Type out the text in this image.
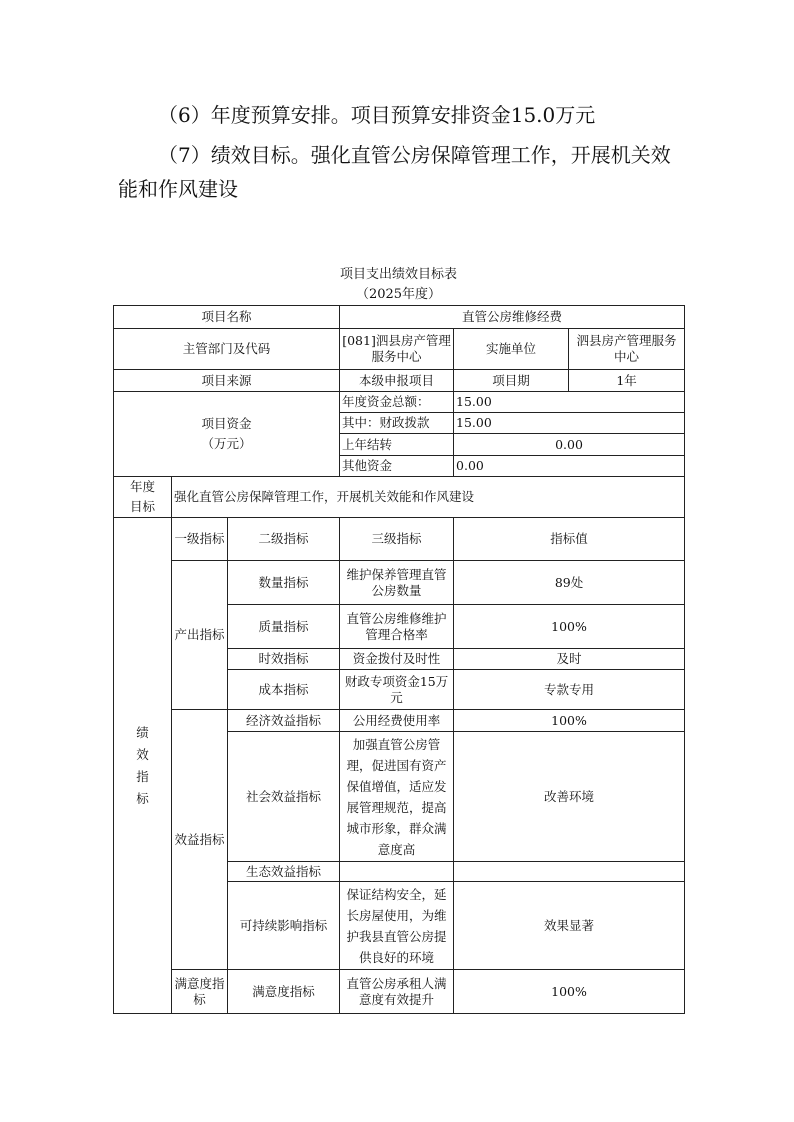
（6）年度预算安排。项目预算安排资金15.0万元

（7）绩效目标。强化直管公房保障管理工作，开展机关效能和作风建设

项目支出绩效目标表
（2025年度）
项目名称			直管公房维修经费		
主管部门及代码			[081]泗县房产管理服务中心	实施单位	泗县房产管理服务中心
项目来源			本级申报项目	项目期	1年

项目资金
（万元）			年度资金总额：	15.00	
			其中：财政拨款	15.00	
			上年结转	0.00	
			其他资金	0.00	

年度
目标	强化直管公房保障管理工作，开展机关效能和作风建设				

绩
效
指
标	一级指标	二级指标	三级指标	指标值	
	产出指标	数量指标	维护保养管理直管公房数量	89处	
		质量指标	直管公房维修维护管理合格率	100%	
		时效指标	资金拨付及时性	及时	
		成本指标	财政专项资金15万元	专款专用	
	效益指标	经济效益指标	公用经费使用率	100%	
		社会效益指标	加强直管公房管理，促进国有资产保值增值，适应发展管理规范，提高城市形象，群众满意度高	改善环境	
		生态效益指标			
		可持续影响指标	保证结构安全，延长房屋使用，为维护我县直管公房提供良好的环境	效果显著	
	满意度指标	满意度指标	直管公房承租人满意度有效提升	100%	
